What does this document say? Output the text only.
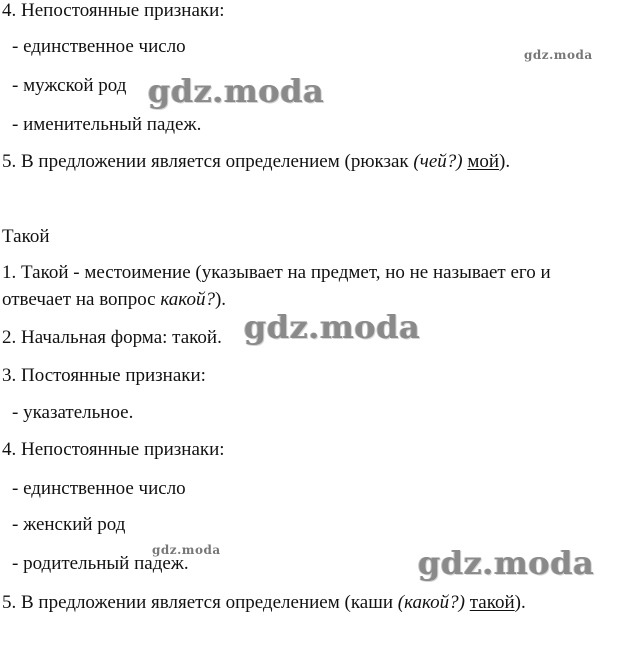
4. Непостоянные признаки:
- единственное число
- мужской род
- именительный падеж.
5. В предложении является определением (рюкзак (чей?) мой).
Такой
1. Такой - местоимение (указывает на предмет, но не называет его и
отвечает на вопрос какой?).
2. Начальная форма: такой.
3. Постоянные признаки:
- указательное.
4. Непостоянные признаки:
- единственное число
- женский род
- родительный падеж.
5. В предложении является определением (каши (какой?) такой).
gdz.moda
gdz.moda
gdz.moda
gdz.moda	gdz.moda
